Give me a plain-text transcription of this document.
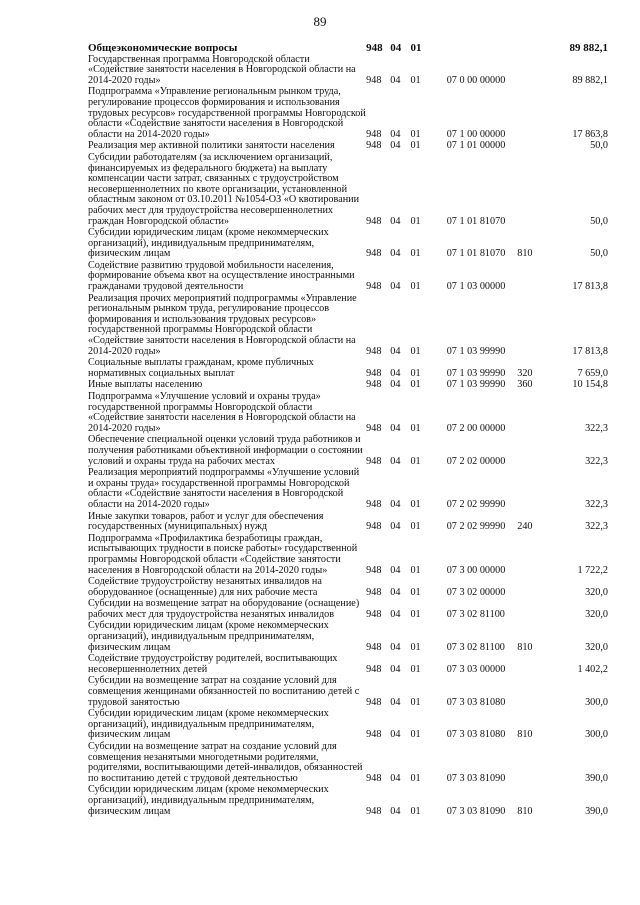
89
Общеэкономические вопросы	948	04	01			89 882,1
Государственная программа Новгородской области «Содействие занятости населения в Новгородской области на 2014-2020 годы»	948	04	01	07 0 00 00000		89 882,1
Подпрограмма «Управление региональным рынком труда, регулирование процессов формирования и использования трудовых ресурсов» государственной программы Новгородской области «Содействие занятости населения в Новгородской области на 2014-2020 годы»	948	04	01	07 1 00 00000		17 863,8
Реализация мер активной политики занятости населения	948	04	01	07 1 01 00000		50,0
Субсидии работодателям (за исключением организаций, финансируемых из федерального бюджета) на выплату компенсации части затрат, связанных с трудоустройством несовершеннолетних по квоте организации, установленной областным законом от 03.10.2011 №1054-ОЗ «О квотировании рабочих мест для трудоустройства несовершеннолетних граждан Новгородской области»	948	04	01	07 1 01 81070		50,0
Субсидии юридическим лицам (кроме некоммерческих организаций), индивидуальным предпринимателям, физическим лицам	948	04	01	07 1 01 81070	810	50,0
Содействие развитию трудовой мобильности населения, формирование объема квот на осуществление иностранными гражданами трудовой деятельности	948	04	01	07 1 03 00000		17 813,8
Реализация прочих мероприятий подпрограммы «Управление региональным рынком труда, регулирование процессов формирования и использования трудовых ресурсов» государственной программы Новгородской области «Содействие занятости населения в Новгородской области на 2014-2020 годы»	948	04	01	07 1 03 99990		17 813,8
Социальные выплаты гражданам, кроме публичных нормативных социальных выплат	948	04	01	07 1 03 99990	320	7 659,0
Иные выплаты населению	948	04	01	07 1 03 99990	360	10 154,8
Подпрограмма «Улучшение условий и охраны труда» государственной программы Новгородской области «Содействие занятости населения в Новгородской области на 2014-2020 годы»	948	04	01	07 2 00 00000		322,3
Обеспечение специальной оценки условий труда работников и получения работниками объективной информации о состоянии условий и охраны труда на рабочих местах	948	04	01	07 2 02 00000		322,3
Реализация мероприятий подпрограммы «Улучшение условий и охраны труда» государственной программы Новгородской области «Содействие занятости населения в Новгородской области на 2014-2020 годы»	948	04	01	07 2 02 99990		322,3
Иные закупки товаров, работ и услуг для обеспечения государственных (муниципальных) нужд	948	04	01	07 2 02 99990	240	322,3
Подпрограмма «Профилактика безработицы граждан, испытывающих трудности в поиске работы» государственной программы Новгородской области «Содействие занятости населения в Новгородской области на 2014-2020 годы»	948	04	01	07 3 00 00000		1 722,2
Содействие трудоустройству незанятых инвалидов на оборудованное (оснащенные) для них рабочие места	948	04	01	07 3 02 00000		320,0
Субсидии на возмещение затрат на оборудование (оснащение) рабочих мест для трудоустройства незанятых инвалидов	948	04	01	07 3 02 81100		320,0
Субсидии юридическим лицам (кроме некоммерческих организаций), индивидуальным предпринимателям, физическим лицам	948	04	01	07 3 02 81100	810	320,0
Содействие трудоустройству родителей, воспитывающих несовершеннолетних детей	948	04	01	07 3 03 00000		1 402,2
Субсидии на возмещение затрат на создание условий для совмещения женщинами обязанностей по воспитанию детей с трудовой занятостью	948	04	01	07 3 03 81080		300,0
Субсидии юридическим лицам (кроме некоммерческих организаций), индивидуальным предпринимателям, физическим лицам	948	04	01	07 3 03 81080	810	300,0
Субсидии на возмещение затрат на создание условий для совмещения незанятыми многодетными родителями, родителями, воспитывающими детей-инвалидов, обязанностей по воспитанию детей с трудовой деятельностью	948	04	01	07 3 03 81090		390,0
Субсидии юридическим лицам (кроме некоммерческих организаций), индивидуальным предпринимателям, физическим лицам	948	04	01	07 3 03 81090	810	390,0
